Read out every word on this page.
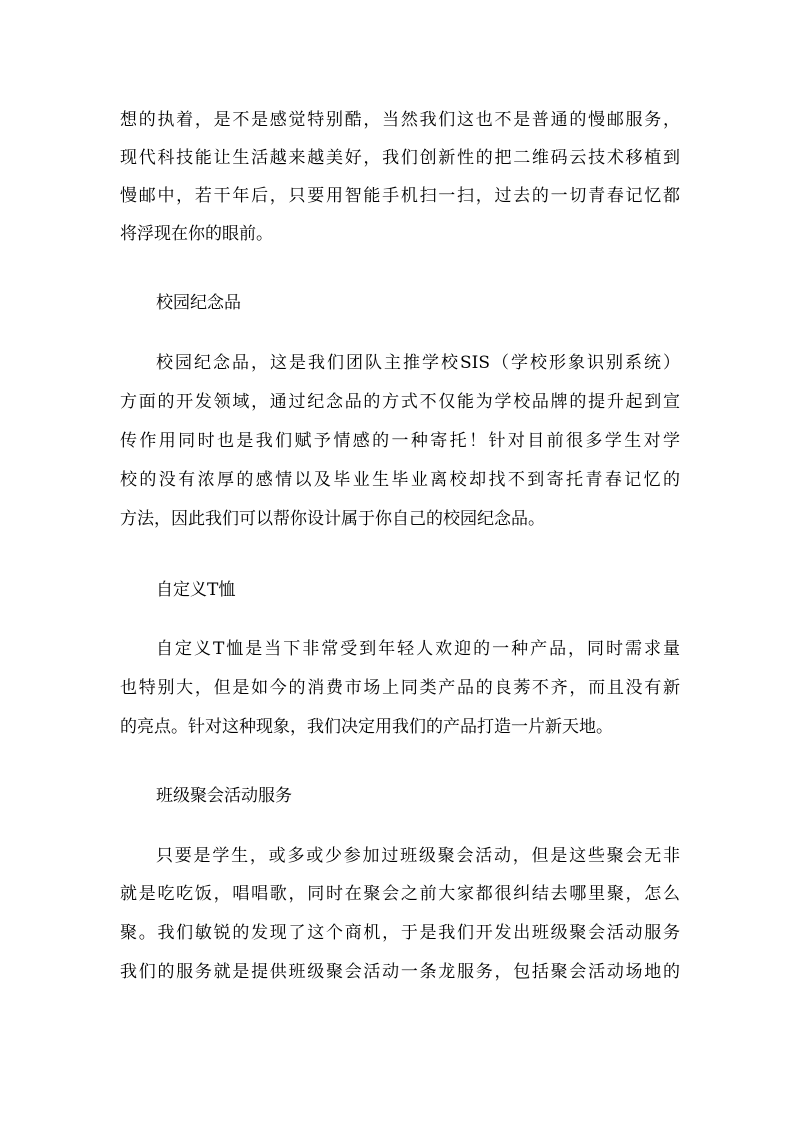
想的执着，是不是感觉特别酷，当然我们这也不是普通的慢邮服务，
现代科技能让生活越来越美好，我们创新性的把二维码云技术移植到
慢邮中，若干年后，只要用智能手机扫一扫，过去的一切青春记忆都
将浮现在你的眼前。
校园纪念品
校园纪念品，这是我们团队主推学校SIS（学校形象识别系统）
方面的开发领域，通过纪念品的方式不仅能为学校品牌的提升起到宣
传作用同时也是我们赋予情感的一种寄托！针对目前很多学生对学
校的没有浓厚的感情以及毕业生毕业离校却找不到寄托青春记忆的
方法，因此我们可以帮你设计属于你自己的校园纪念品。
自定义T恤
自定义T恤是当下非常受到年轻人欢迎的一种产品，同时需求量
也特别大，但是如今的消费市场上同类产品的良莠不齐，而且没有新
的亮点。针对这种现象，我们决定用我们的产品打造一片新天地。
班级聚会活动服务
只要是学生，或多或少参加过班级聚会活动，但是这些聚会无非
就是吃吃饭，唱唱歌，同时在聚会之前大家都很纠结去哪里聚，怎么
聚。我们敏锐的发现了这个商机，于是我们开发出班级聚会活动服务
我们的服务就是提供班级聚会活动一条龙服务，包括聚会活动场地的
